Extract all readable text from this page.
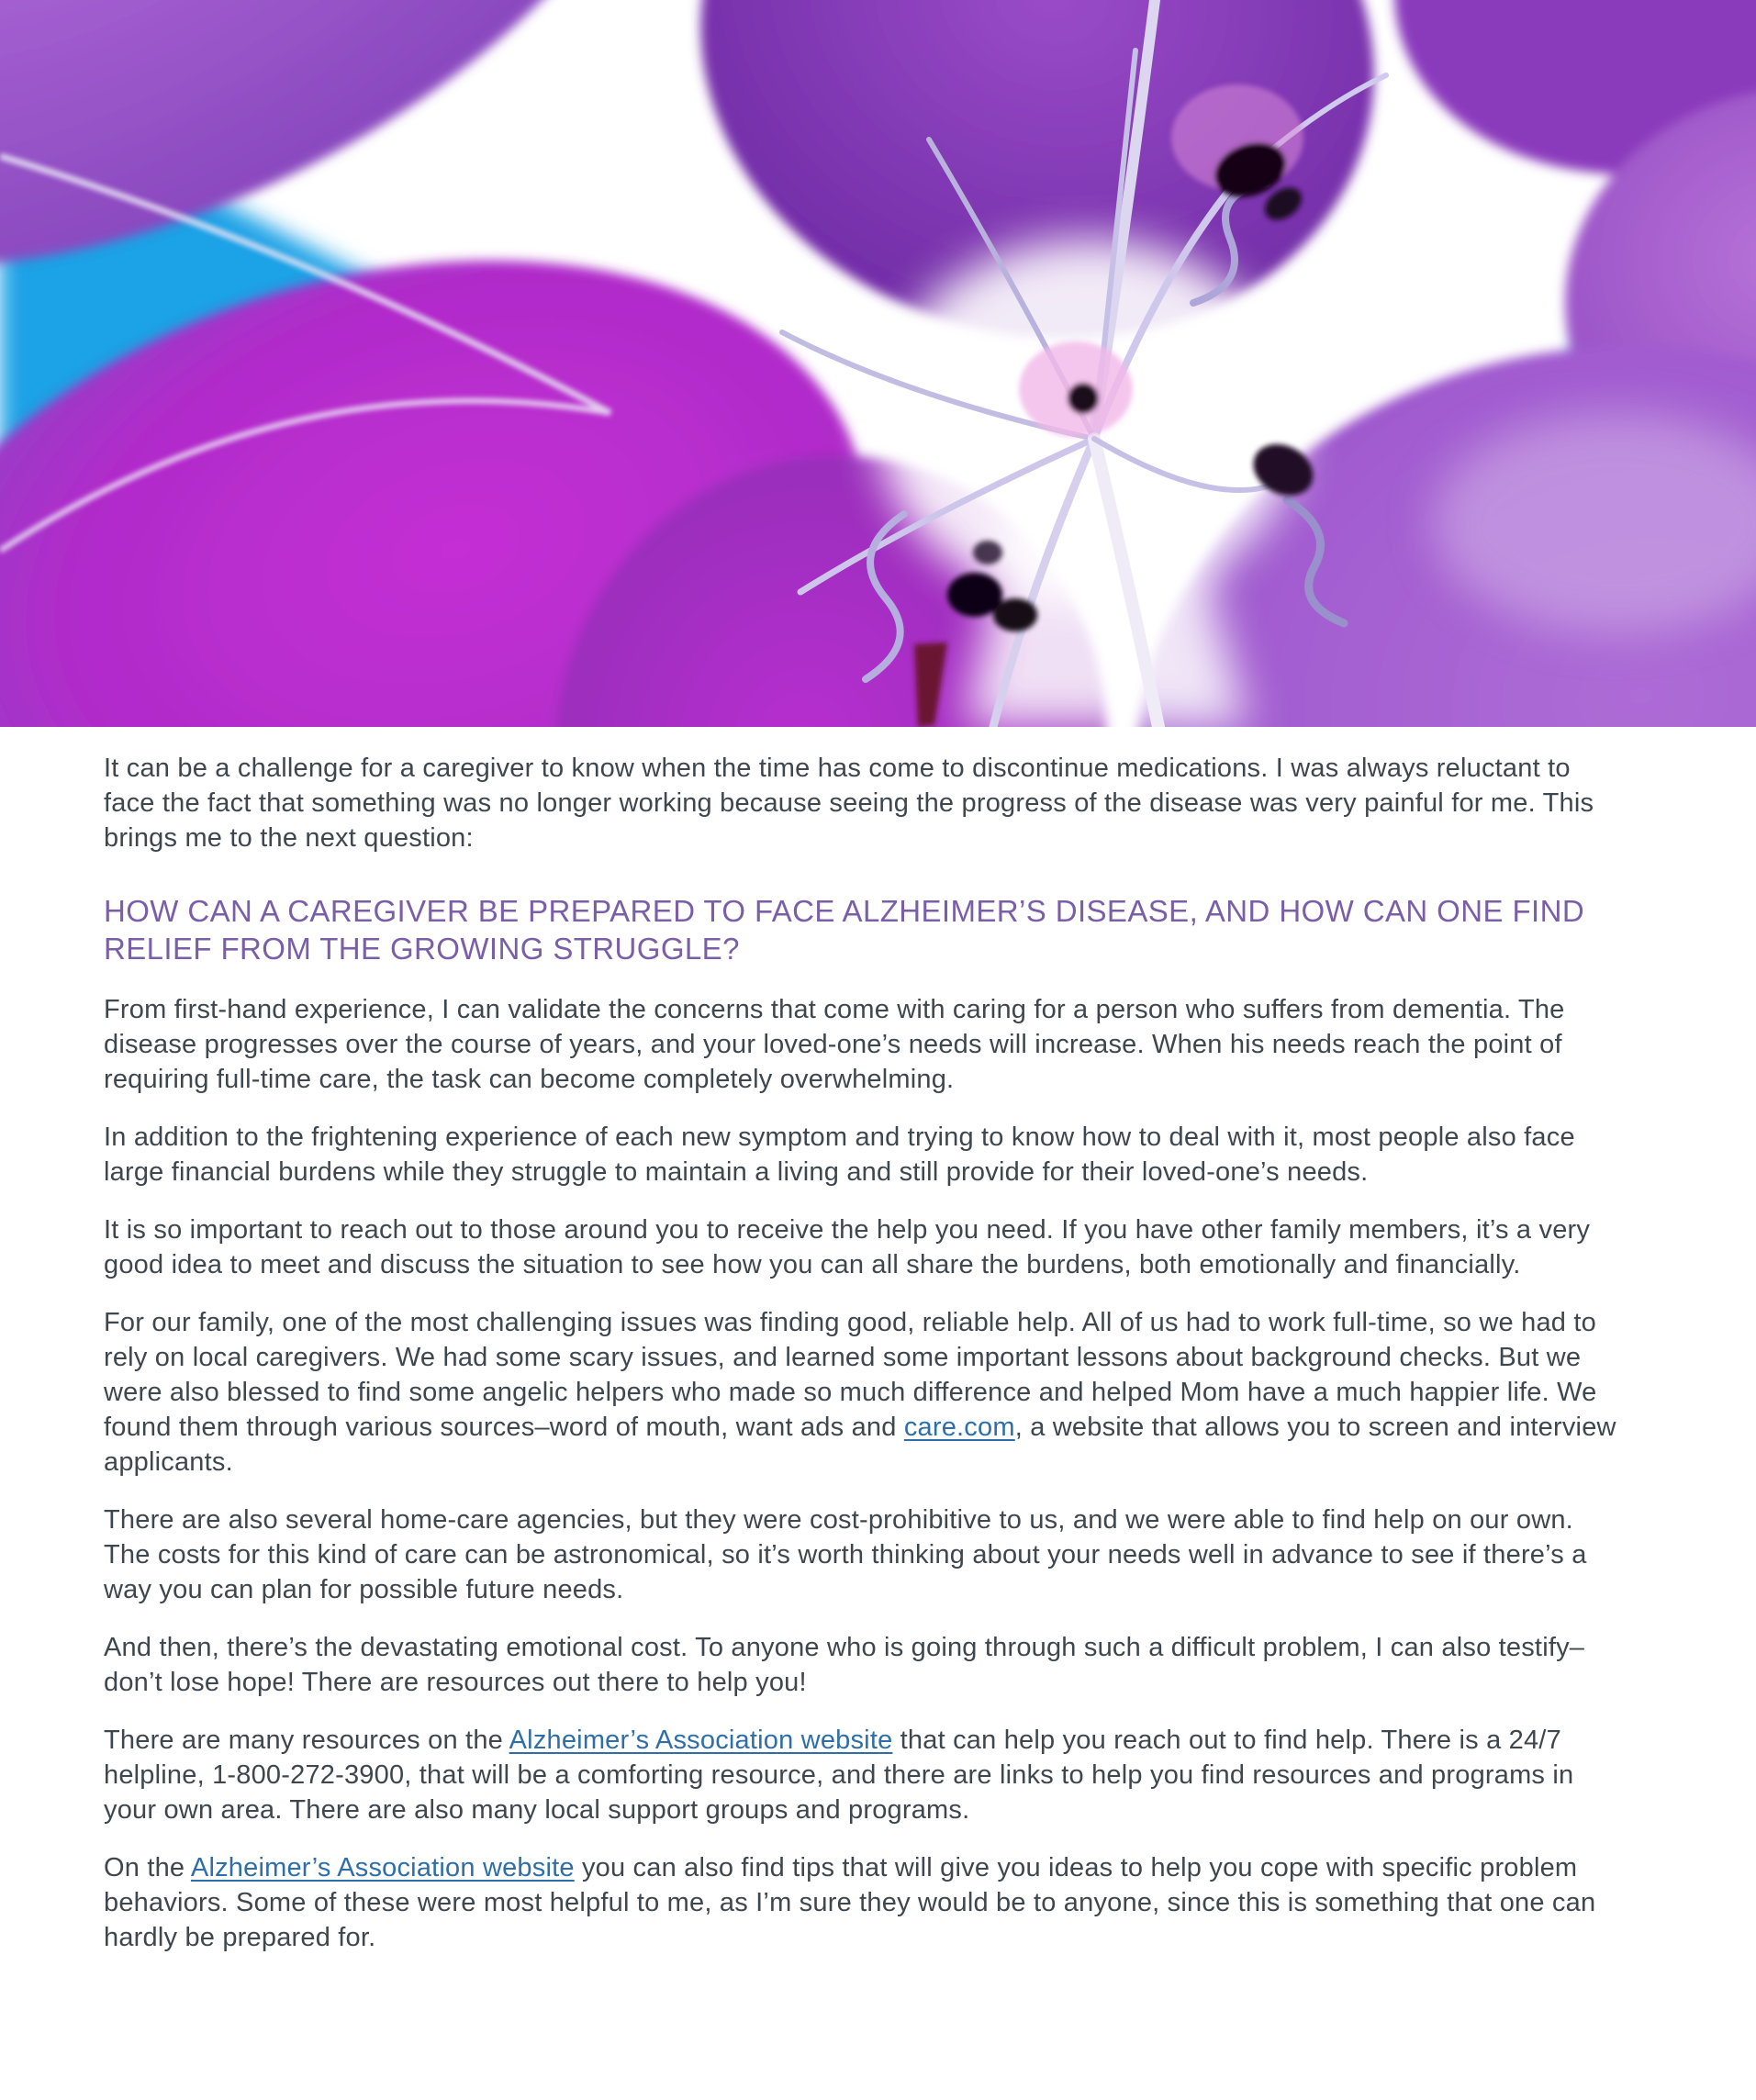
It can be a challenge for a caregiver to know when the time has come to discontinue medications. I was always reluctant to face the fact that something was no longer working because seeing the progress of the disease was very painful for me. This brings me to the next question:

HOW CAN A CAREGIVER BE PREPARED TO FACE ALZHEIMER’S DISEASE, AND HOW CAN ONE FIND RELIEF FROM THE GROWING STRUGGLE?

From first-hand experience, I can validate the concerns that come with caring for a person who suffers from dementia. The disease progresses over the course of years, and your loved-one’s needs will increase. When his needs reach the point of requiring full-time care, the task can become completely overwhelming.

In addition to the frightening experience of each new symptom and trying to know how to deal with it, most people also face large financial burdens while they struggle to maintain a living and still provide for their loved-one’s needs.

It is so important to reach out to those around you to receive the help you need. If you have other family members, it’s a very good idea to meet and discuss the situation to see how you can all share the burdens, both emotionally and financially.

For our family, one of the most challenging issues was finding good, reliable help. All of us had to work full-time, so we had to rely on local caregivers. We had some scary issues, and learned some important lessons about background checks. But we were also blessed to find some angelic helpers who made so much difference and helped Mom have a much happier life. We found them through various sources–word of mouth, want ads and care.com, a website that allows you to screen and interview applicants.

There are also several home-care agencies, but they were cost-prohibitive to us, and we were able to find help on our own. The costs for this kind of care can be astronomical, so it’s worth thinking about your needs well in advance to see if there’s a way you can plan for possible future needs.

And then, there’s the devastating emotional cost. To anyone who is going through such a difficult problem, I can also testify–don’t lose hope! There are resources out there to help you!

There are many resources on the Alzheimer’s Association website that can help you reach out to find help. There is a 24/7 helpline, 1-800-272-3900, that will be a comforting resource, and there are links to help you find resources and programs in your own area. There are also many local support groups and programs.

On the Alzheimer’s Association website you can also find tips that will give you ideas to help you cope with specific problem behaviors. Some of these were most helpful to me, as I’m sure they would be to anyone, since this is something that one can hardly be prepared for.
